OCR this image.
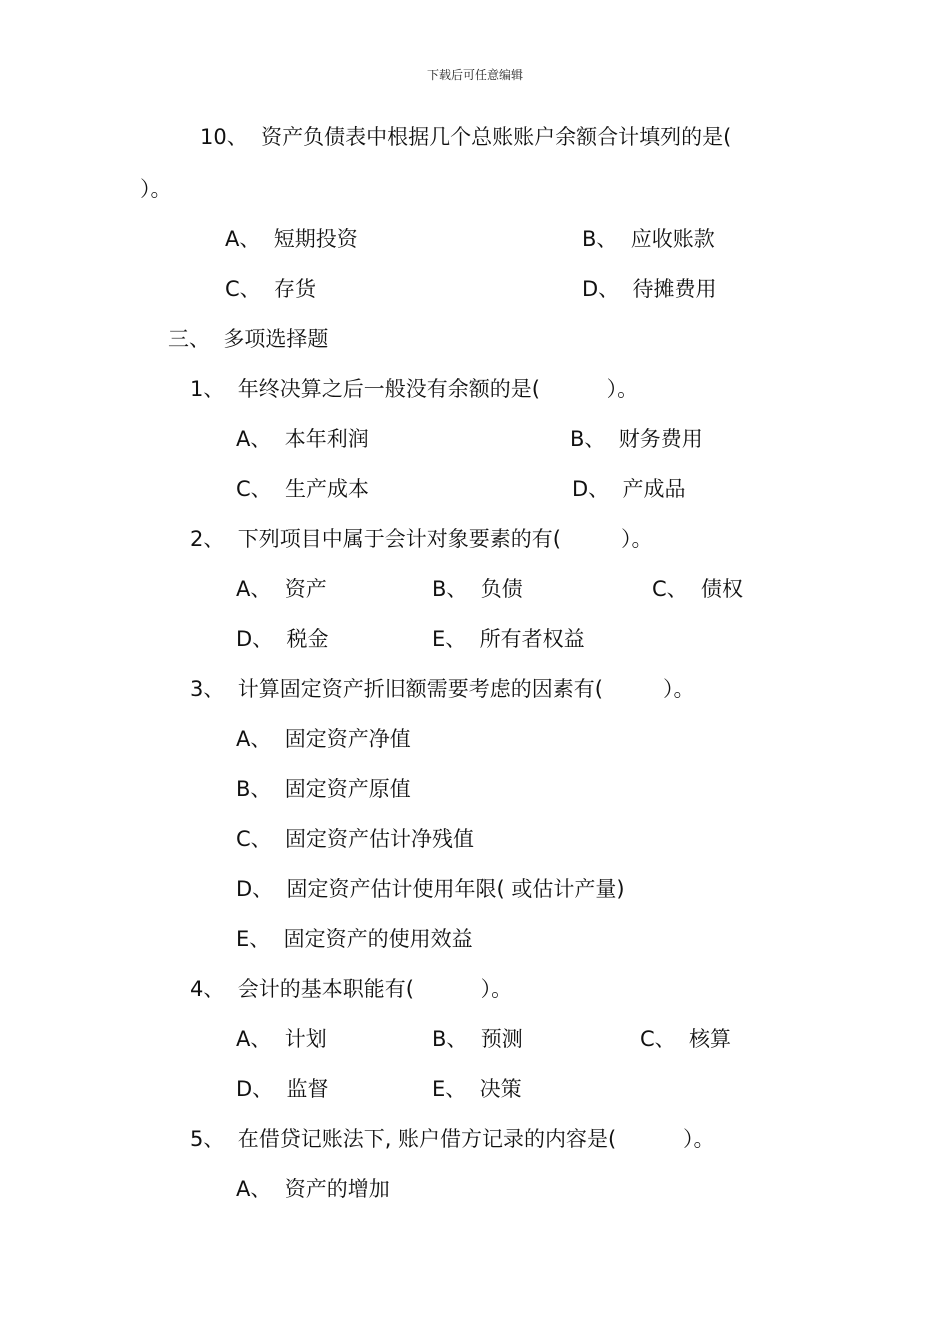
下载后可任意编辑
10、  资产负债表中根据几个总账账户余额合计填列的是(
）。
A、  短期投资	B、  应收账款
C、  存货	D、  待摊费用
三、  多项选择题
1、  年终决算之后一般没有余额的是(          ）。
A、  本年利润	B、  财务费用
C、  生产成本	D、  产成品
2、  下列项目中属于会计对象要素的有(         ）。
A、  资产	B、  负债	C、  债权
D、  税金	E、  所有者权益
3、  计算固定资产折旧额需要考虑的因素有(         ）。
A、  固定资产净值
B、  固定资产原值
C、  固定资产估计净残值
D、  固定资产估计使用年限( 或估计产量)
E、  固定资产的使用效益
4、  会计的基本职能有(          ）。
A、  计划	B、  预测	C、  核算
D、  监督	E、  决策
5、  在借贷记账法下, 账户借方记录的内容是(          ）。
A、  资产的增加
